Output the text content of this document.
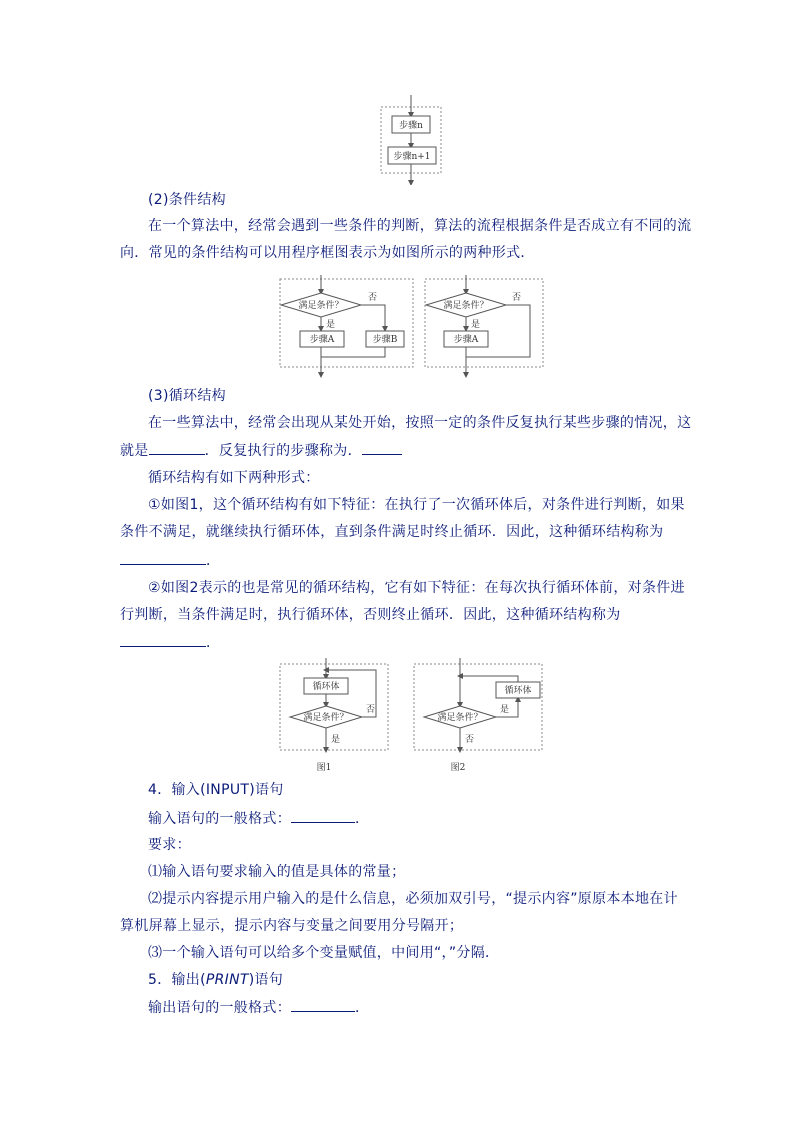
步骤n
步骤n+1
(2)条件结构
在一个算法中，经常会遇到一些条件的判断，算法的流程根据条件是否成立有不同的流
向．常见的条件结构可以用程序框图表示为如图所示的两种形式．
满足条件？
否
是
步骤A	步骤B
满足条件？
否
是
步骤A
(3)循环结构
在一些算法中，经常会出现从某处开始，按照一定的条件反复执行某些步骤的情况，这
就是	．反复执行的步骤称为．
循环结构有如下两种形式：
①如图1，这个循环结构有如下特征：在执行了一次循环体后，对条件进行判断，如果
条件不满足，就继续执行循环体，直到条件满足时终止循环．因此，这种循环结构称为
．
②如图2表示的也是常见的循环结构，它有如下特征：在每次执行循环体前，对条件进
行判断，当条件满足时，执行循环体，否则终止循环．因此，这种循环结构称为
．
循环体
满足条件？
否
是
图1
满足条件？
是
循环体
否
图2
4．输入(INPUT)语句
输入语句的一般格式：	．
要求：
⑴输入语句要求输入的值是具体的常量；
⑵提示内容提示用户输入的是什么信息，必须加双引号，“提示内容”原原本本地在计
算机屏幕上显示，提示内容与变量之间要用分号隔开；
⑶一个输入语句可以给多个变量赋值，中间用“，”分隔．
5．输出(PRINT)语句
输出语句的一般格式：	．
